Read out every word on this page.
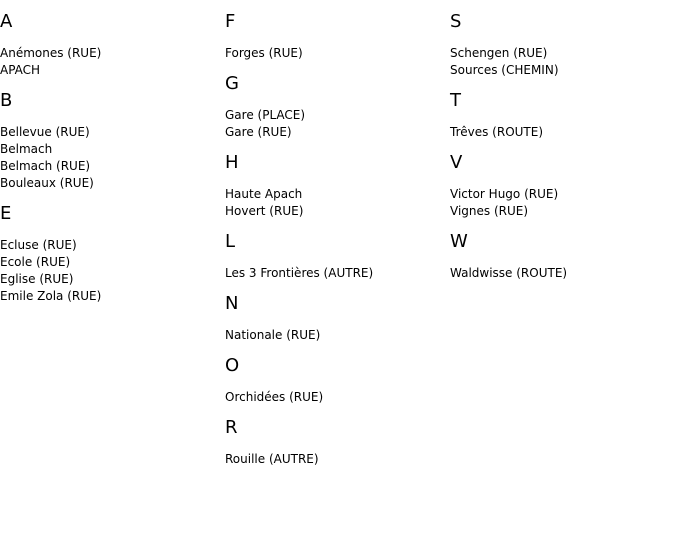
A
Anémones (RUE)
APACH
B
Bellevue (RUE)
Belmach
Belmach (RUE)
Bouleaux (RUE)
E
Ecluse (RUE)
Ecole (RUE)
Eglise (RUE)
Emile Zola (RUE)
F
Forges (RUE)
G
Gare (PLACE)
Gare (RUE)
H
Haute Apach
Hovert (RUE)
L
Les 3 Frontières (AUTRE)
N
Nationale (RUE)
O
Orchidées (RUE)
R
Rouille (AUTRE)
S
Schengen (RUE)
Sources (CHEMIN)
T
Trêves (ROUTE)
V
Victor Hugo (RUE)
Vignes (RUE)
W
Waldwisse (ROUTE)
